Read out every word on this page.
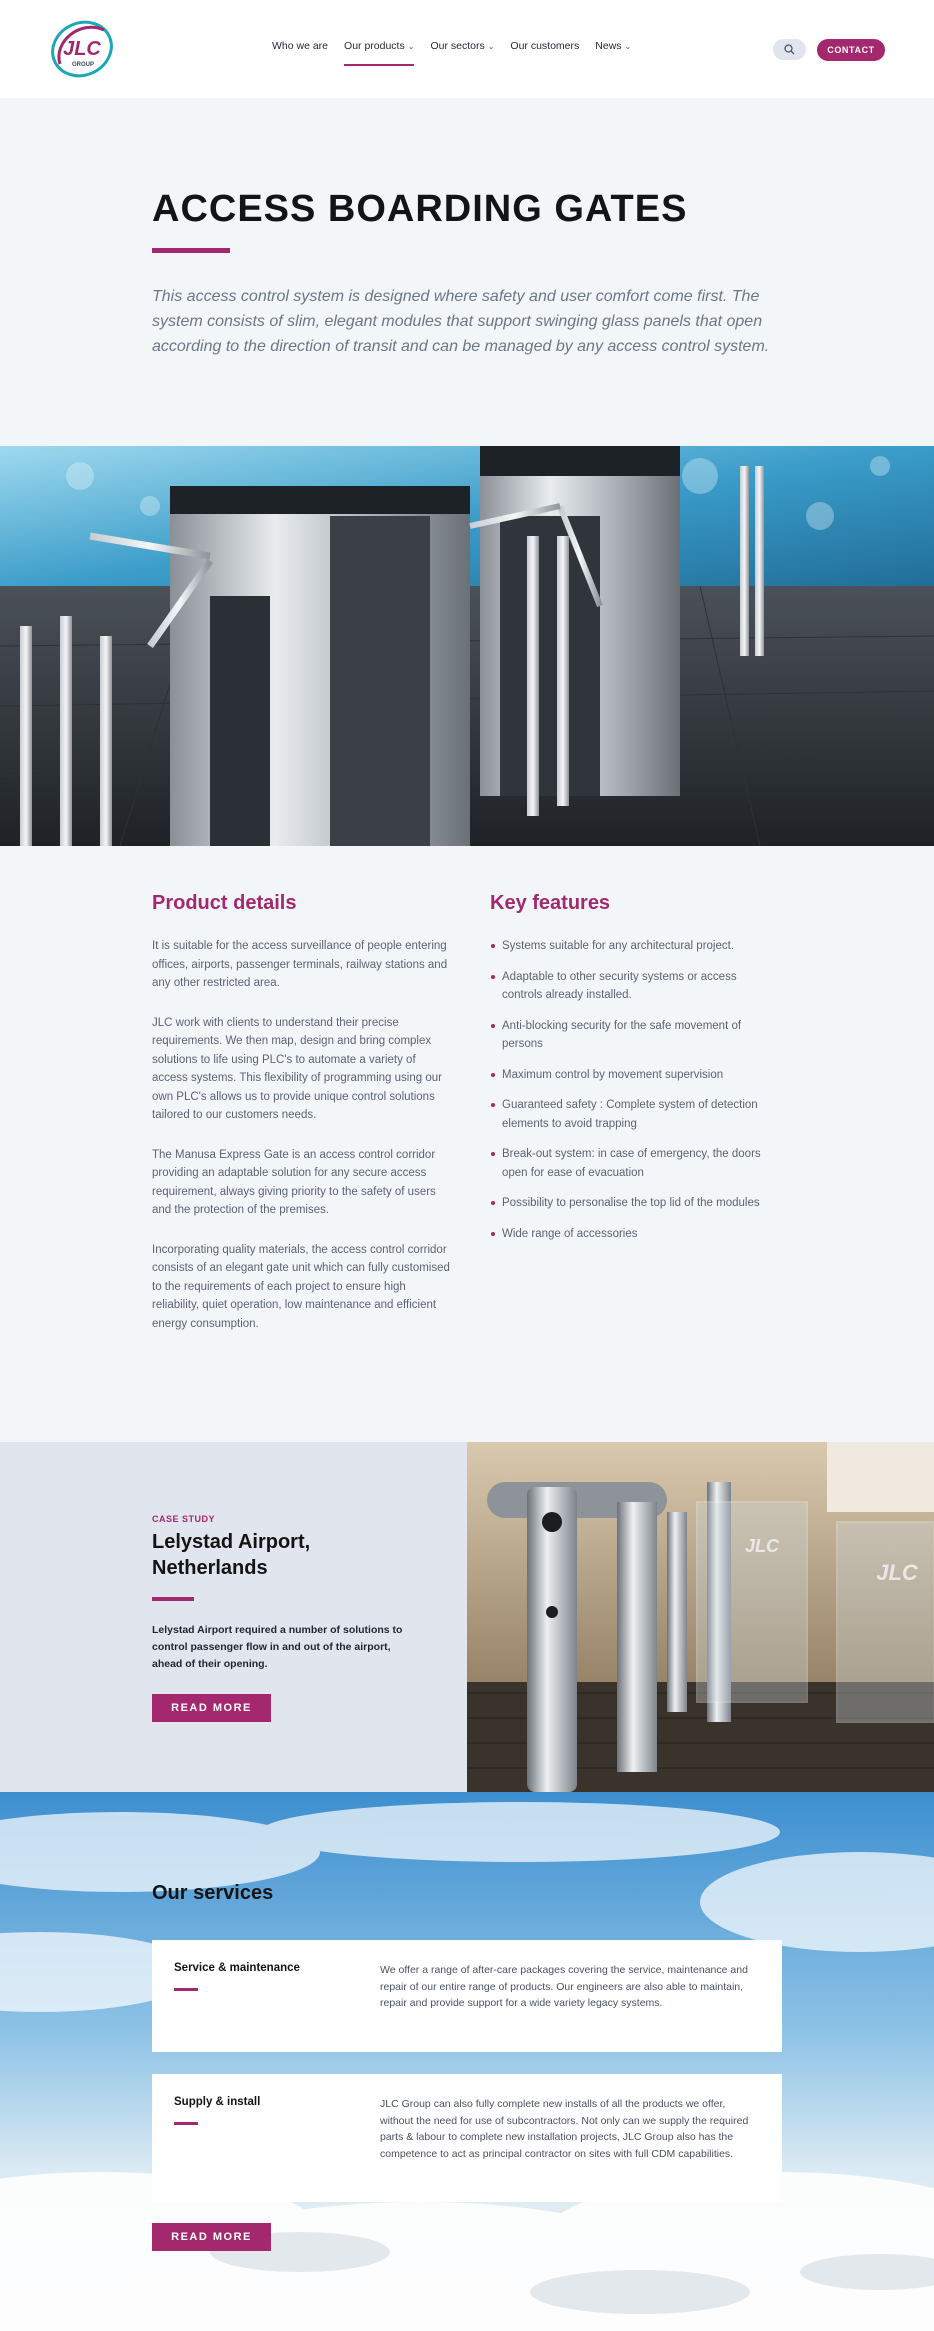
JLC
GROUP
Who we are Our products ⌄ Our sectors ⌄ Our customers News ⌄	CONTACT
ACCESS BOARDING GATES

This access control system is designed where safety and user comfort come first. The system consists of slim, elegant modules that support swinging glass panels that open according to the direction of transit and can be managed by any access control system.

Product details

It is suitable for the access surveillance of people entering offices, airports, passenger terminals, railway stations and any other restricted area.

JLC work with clients to understand their precise requirements. We then map, design and bring complex solutions to life using PLC's to automate a variety of access systems. This flexibility of programming using our own PLC's allows us to provide unique control solutions tailored to our customers needs.

The Manusa Express Gate is an access control corridor providing an adaptable solution for any secure access requirement, always giving priority to the safety of users and the protection of the premises.

Incorporating quality materials, the access control corridor consists of an elegant gate unit which can fully customised to the requirements of each project to ensure high reliability, quiet operation, low maintenance and efficient energy consumption.

Key features
Systems suitable for any architectural project.
Adaptable to other security systems or access controls already installed.
Anti-blocking security for the safe movement of persons
Maximum control by movement supervision
Guaranteed safety : Complete system of detection elements to avoid trapping
Break-out system: in case of emergency, the doors open for ease of evacuation
Possibility to personalise the top lid of the modules
Wide range of accessories
CASE STUDY
Lelystad Airport, Netherlands

Lelystad Airport required a number of solutions to control passenger flow in and out of the airport, ahead of their opening.

READ MORE
JLC
JLC
Our services
Service & maintenance	We offer a range of after-care packages covering the service, maintenance and repair of our entire range of products. Our engineers are also able to maintain, repair and provide support for a wide variety legacy systems.

Supply & install	JLC Group can also fully complete new installs of all the products we offer, without the need for use of subcontractors. Not only can we supply the required parts & labour to complete new installation projects, JLC Group also has the competence to act as principal contractor on sites with full CDM capabilities.

READ MORE
